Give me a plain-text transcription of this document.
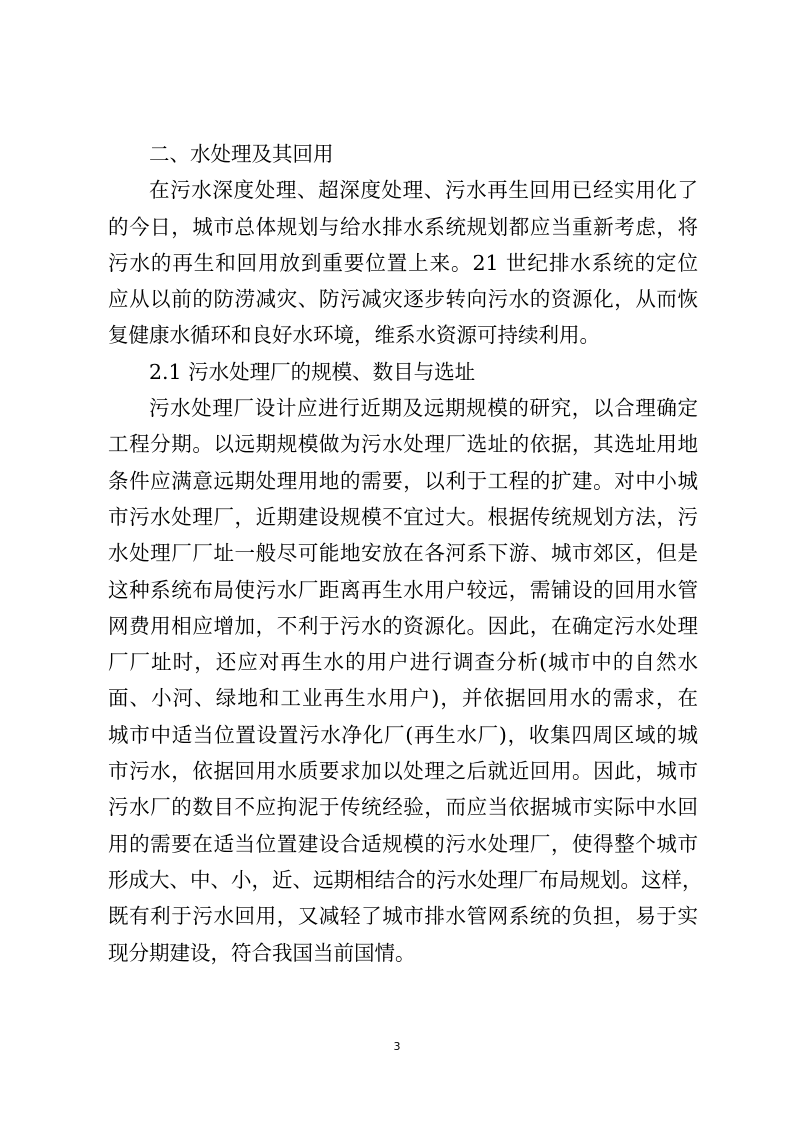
二、水处理及其回用
在污水深度处理、超深度处理、污水再生回用已经实用化了
的今日，城市总体规划与给水排水系统规划都应当重新考虑，将
污水的再生和回用放到重要位置上来。21 世纪排水系统的定位
应从以前的防涝减灾、防污减灾逐步转向污水的资源化，从而恢
复健康水循环和良好水环境，维系水资源可持续利用。
2.1 污水处理厂的规模、数目与选址
污水处理厂设计应进行近期及远期规模的研究，以合理确定
工程分期。以远期规模做为污水处理厂选址的依据，其选址用地
条件应满意远期处理用地的需要，以利于工程的扩建。对中小城
市污水处理厂，近期建设规模不宜过大。根据传统规划方法，污
水处理厂厂址一般尽可能地安放在各河系下游、城市郊区，但是
这种系统布局使污水厂距离再生水用户较远，需铺设的回用水管
网费用相应增加，不利于污水的资源化。因此，在确定污水处理
厂厂址时，还应对再生水的用户进行调查分析(城市中的自然水
面、小河、绿地和工业再生水用户)，并依据回用水的需求，在
城市中适当位置设置污水净化厂(再生水厂)，收集四周区域的城
市污水，依据回用水质要求加以处理之后就近回用。因此，城市
污水厂的数目不应拘泥于传统经验，而应当依据城市实际中水回
用的需要在适当位置建设合适规模的污水处理厂，使得整个城市
形成大、中、小，近、远期相结合的污水处理厂布局规划。这样，
既有利于污水回用，又减轻了城市排水管网系统的负担，易于实
现分期建设，符合我国当前国情。
3
